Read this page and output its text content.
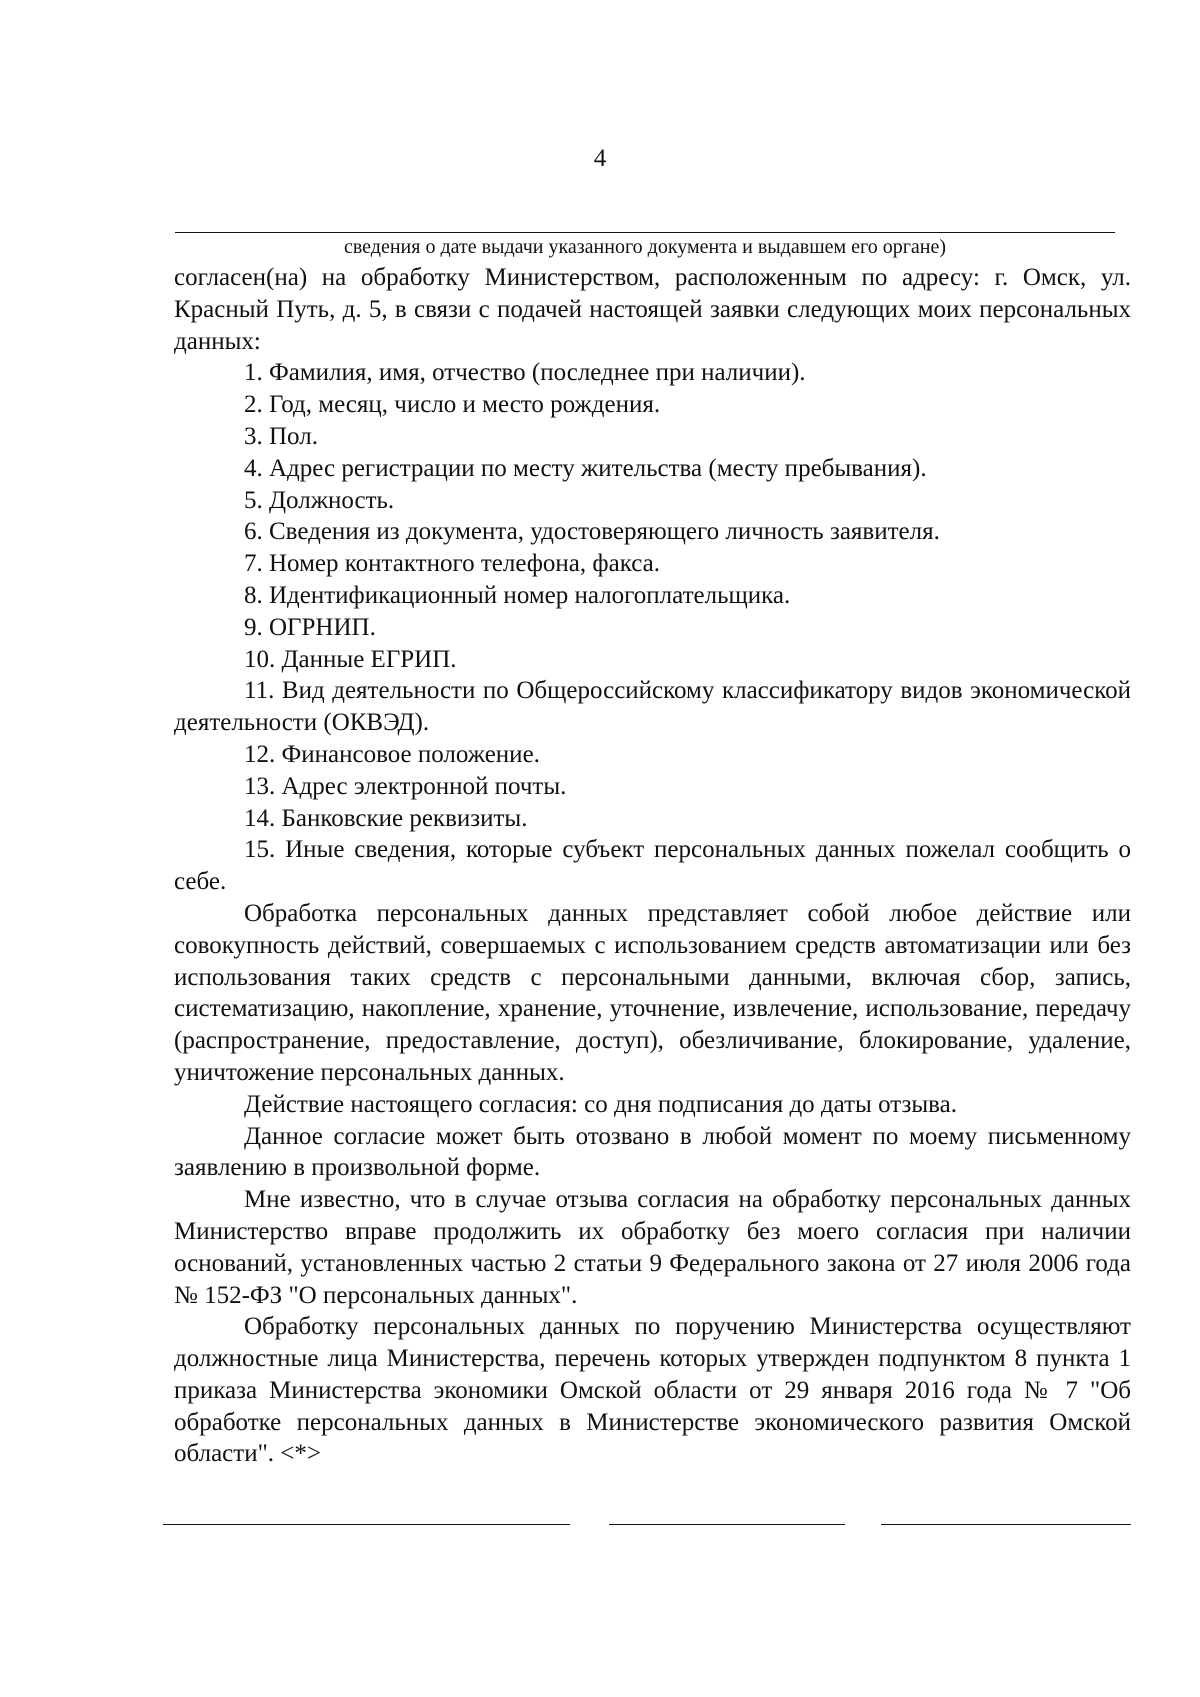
4
сведения о дате выдачи указанного документа и выдавшем его органе)

согласен(на) на обработку Министерством, расположенным по адресу: г. Омск, ул. Красный Путь, д. 5, в связи с подачей настоящей заявки следующих моих персональных данных:

1. Фамилия, имя, отчество (последнее при наличии).
2. Год, месяц, число и место рождения.
3. Пол.
4. Адрес регистрации по месту жительства (месту пребывания).
5. Должность.
6. Сведения из документа, удостоверяющего личность заявителя.
7. Номер контактного телефона, факса.
8. Идентификационный номер налогоплательщика.
9. ОГРНИП.
10. Данные ЕГРИП.
11. Вид деятельности по Общероссийскому классификатору видов экономической деятельности (ОКВЭД).
12. Финансовое положение.
13. Адрес электронной почты.
14. Банковские реквизиты.
15. Иные сведения, которые субъект персональных данных пожелал сообщить о себе.

Обработка персональных данных представляет собой любое действие или совокупность действий, совершаемых с использованием средств автоматизации или без использования таких средств с персональными данными, включая сбор, запись, систематизацию, накопление, хранение, уточнение, извлечение, использование, передачу (распространение, предоставление, доступ), обезличивание, блокирование, удаление, уничтожение персональных данных.

Действие настоящего согласия: со дня подписания до даты отзыва.

Данное согласие может быть отозвано в любой момент по моему письменному заявлению в произвольной форме.

Мне известно, что в случае отзыва согласия на обработку персональных данных Министерство вправе продолжить их обработку без моего согласия при наличии оснований, установленных частью 2 статьи 9 Федерального закона от 27 июля 2006 года № 152-ФЗ "О персональных данных".

Обработку персональных данных по поручению Министерства осуществляют должностные лица Министерства, перечень которых утвержден подпунктом 8 пункта 1 приказа Министерства экономики Омской области от 29 января 2016 года № 7 "Об обработке персональных данных в Министерстве экономического развития Омской области". <*>
